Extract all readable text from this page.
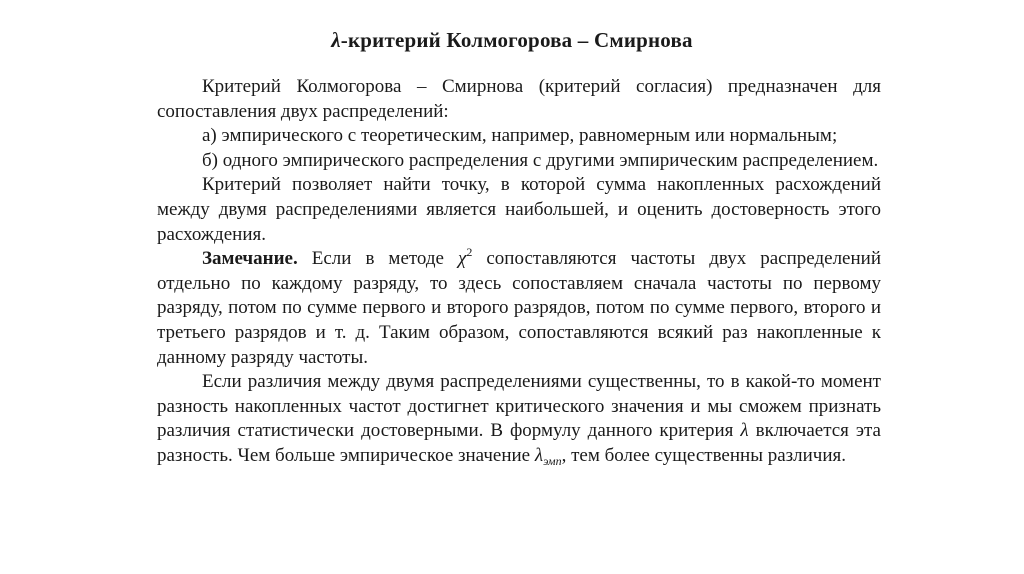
λ-критерий Колмогорова – Смирнова

Критерий Колмогорова – Смирнова (критерий согласия) предназначен для сопоставления двух распределений:

а) эмпирического с теоретическим, например, равномерным или нормальным;

б) одного эмпирического распределения с другими эмпирическим распределением.

Критерий позволяет найти точку, в которой сумма накопленных расхождений между двумя распределениями является наибольшей, и оценить достоверность этого расхождения.

Замечание. Если в методе $\chi^2$ сопоставляются частоты двух распределений отдельно по каждому разряду, то здесь сопоставляем сначала частоты по первому разряду, потом по сумме первого и второго разрядов, потом по сумме первого, второго и третьего разрядов и т. д. Таким образом, сопоставляются всякий раз накопленные к данному разряду частоты.

Если различия между двумя распределениями существенны, то в какой-то момент разность накопленных частот достигнет критического значения и мы сможем признать различия статистически достоверными. В формулу данного критерия λ включается эта разность. Чем больше эмпирическое значение $\lambda_{эмп}$, тем более существенны различия.
